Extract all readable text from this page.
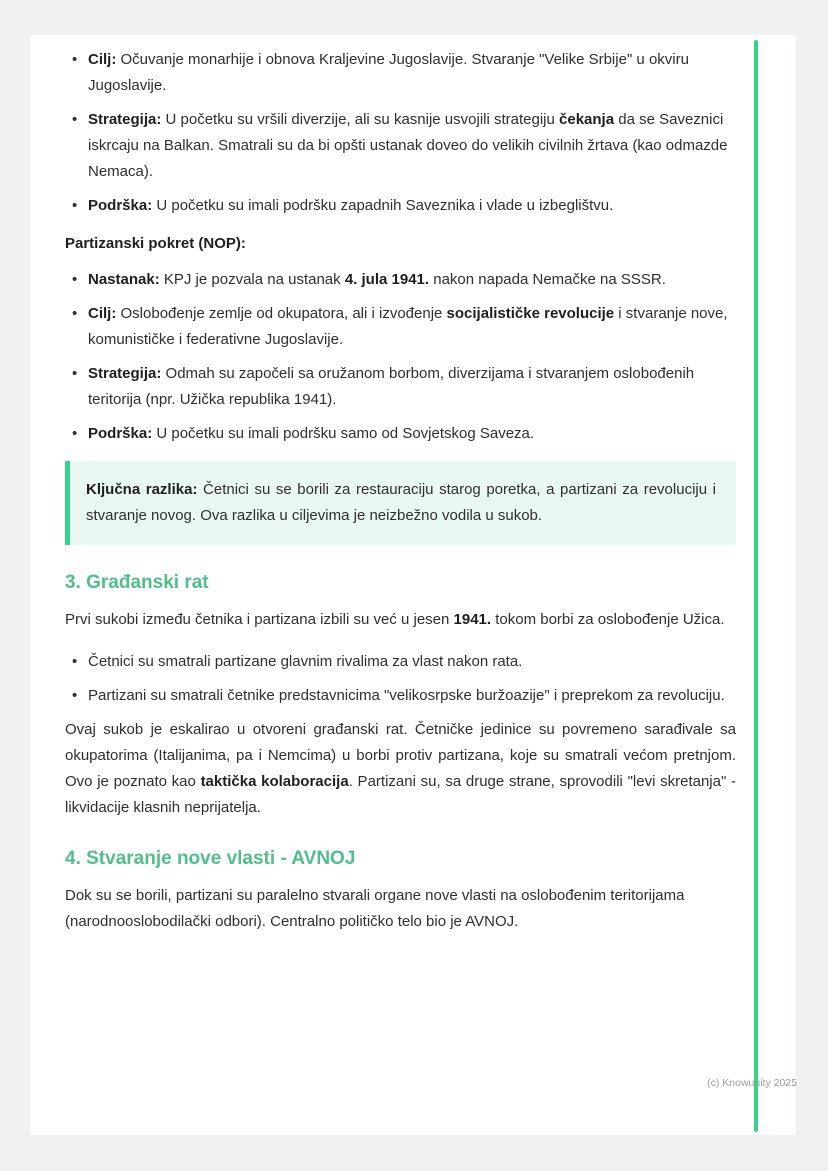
• Cilj: Očuvanje monarhije i obnova Kraljevine Jugoslavije. Stvaranje "Velike Srbije" u okviru Jugoslavije.
• Strategija: U početku su vršili diverzije, ali su kasnije usvojili strategiju čekanja da se Saveznici iskrcaju na Balkan. Smatrali su da bi opšti ustanak doveo do velikih civilnih žrtava (kao odmazde Nemaca).
• Podrška: U početku su imali podršku zapadnih Saveznika i vlade u izbeglištvu.

Partizanski pokret (NOP):

• Nastanak: KPJ je pozvala na ustanak 4. jula 1941. nakon napada Nemačke na SSSR.
• Cilj: Oslobođenje zemlje od okupatora, ali i izvođenje socijalističke revolucije i stvaranje nove, komunističke i federativne Jugoslavije.
• Strategija: Odmah su započeli sa oružanom borbom, diverzijama i stvaranjem oslobođenih teritorija (npr. Užička republika 1941).
• Podrška: U početku su imali podršku samo od Sovjetskog Saveza.

Ključna razlika: Četnici su se borili za restauraciju starog poretka, a partizani za revoluciju i stvaranje novog. Ova razlika u ciljevima je neizbežno vodila u sukob.

3. Građanski rat

Prvi sukobi između četnika i partizana izbili su već u jesen 1941. tokom borbi za oslobođenje Užica.

• Četnici su smatrali partizane glavnim rivalima za vlast nakon rata.
• Partizani su smatrali četnike predstavnicima "velikosrpske buržoazije" i preprekom za revoluciju.

Ovaj sukob je eskalirao u otvoreni građanski rat. Četničke jedinice su povremeno sarađivale sa okupatorima (Italijanima, pa i Nemcima) u borbi protiv partizana, koje su smatrali većom pretnjom. Ovo je poznato kao taktička kolaboracija. Partizani su, sa druge strane, sprovodili "levi skretanja" - likvidacije klasnih neprijatelja.

4. Stvaranje nove vlasti - AVNOJ

Dok su se borili, partizani su paralelno stvarali organe nove vlasti na oslobođenim teritorijama (narodnooslobodilački odbori). Centralno političko telo bio je AVNOJ.

(c) Knowunity 2025
